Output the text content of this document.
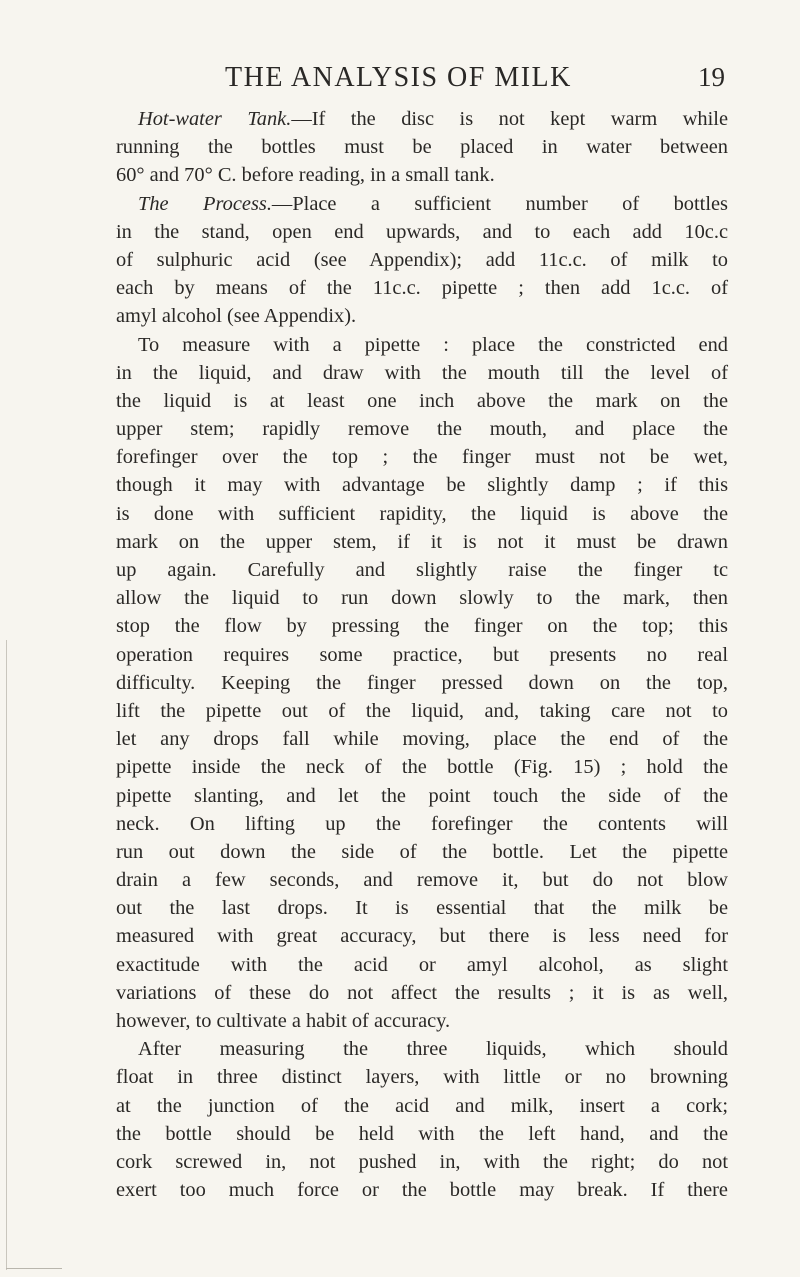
THE ANALYSIS OF MILK	19
Hot-water Tank.—If the disc is not kept warm while
running the bottles must be placed in water between
60° and 70° C. before reading, in a small tank.
The Process.—Place a sufficient number of bottles
in the stand, open end upwards, and to each add 10c.c
of sulphuric acid (see Appendix); add 11c.c. of milk to
each by means of the 11c.c. pipette ; then add 1c.c. of
amyl alcohol (see Appendix).
To measure with a pipette : place the constricted end
in the liquid, and draw with the mouth till the level of
the liquid is at least one inch above the mark on the
upper stem; rapidly remove the mouth, and place the
forefinger over the top ; the finger must not be wet,
though it may with advantage be slightly damp ; if this
is done with sufficient rapidity, the liquid is above the
mark on the upper stem, if it is not it must be drawn
up again. Carefully and slightly raise the finger tc
allow the liquid to run down slowly to the mark, then
stop the flow by pressing the finger on the top; this
operation requires some practice, but presents no real
difficulty. Keeping the finger pressed down on the top,
lift the pipette out of the liquid, and, taking care not to
let any drops fall while moving, place the end of the
pipette inside the neck of the bottle (Fig. 15) ; hold the
pipette slanting, and let the point touch the side of the
neck. On lifting up the forefinger the contents will
run out down the side of the bottle. Let the pipette
drain a few seconds, and remove it, but do not blow
out the last drops. It is essential that the milk be
measured with great accuracy, but there is less need for
exactitude with the acid or amyl alcohol, as slight
variations of these do not affect the results ; it is as well,
however, to cultivate a habit of accuracy.
After measuring the three liquids, which should
float in three distinct layers, with little or no browning
at the junction of the acid and milk, insert a cork;
the bottle should be held with the left hand, and the
cork screwed in, not pushed in, with the right; do not
exert too much force or the bottle may break. If there
